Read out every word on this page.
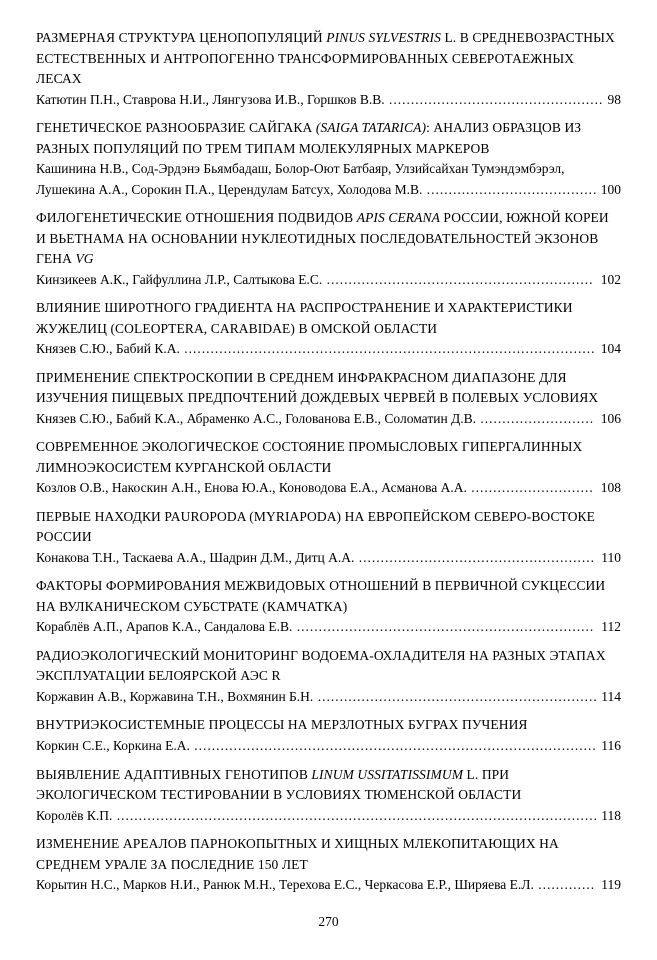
РАЗМЕРНАЯ СТРУКТУРА ЦЕНОПОПУЛЯЦИЙ PINUS SYLVESTRIS L. В СРЕДНЕВОЗРАСТНЫХ ЕСТЕСТВЕННЫХ И АНТРОПОГЕННО ТРАНСФОРМИРОВАННЫХ СЕВЕРОТАЕЖНЫХ ЛЕСАХ
Катютин П.Н., Ставрова Н.И., Лянгузова И.В., Горшков В.В. ................................................. 98
ГЕНЕТИЧЕСКОЕ РАЗНООБРАЗИЕ САЙГАКА (SAIGA TATARICA): АНАЛИЗ ОБРАЗЦОВ ИЗ РАЗНЫХ ПОПУЛЯЦИЙ ПО ТРЕМ ТИПАМ МОЛЕКУЛЯРНЫХ МАРКЕРОВ
Кашинина Н.В., Сод-Эрдэнэ Бьямбадаш, Болор-Оют Батбаяр, Улзийсайхан Тумэндэмбэрэл, Лушекина А.А., Сорокин П.А., Церендулам Батсух, Холодова М.В. ....................................... 100
ФИЛОГЕНЕТИЧЕСКИЕ ОТНОШЕНИЯ ПОДВИДОВ APIS CERANA РОССИИ, ЮЖНОЙ КОРЕИ И ВЬЕТНАМА НА ОСНОВАНИИ НУКЛЕОТИДНЫХ ПОСЛЕДОВАТЕЛЬНОСТЕЙ ЭКЗОНОВ ГЕНА VG
Кинзикеев А.К., Гайфуллина Л.Р., Салтыкова Е.С. ............................................................. 102
ВЛИЯНИЕ ШИРОТНОГО ГРАДИЕНТА НА РАСПРОСТРАНЕНИЕ И ХАРАКТЕРИСТИКИ ЖУЖЕЛИЦ (COLEOPTERA, CARABIDAE) В ОМСКОЙ ОБЛАСТИ
Князев С.Ю., Бабий К.А. .............................................................................................. 104
ПРИМЕНЕНИЕ СПЕКТРОСКОПИИ В СРЕДНЕМ ИНФРАКРАСНОМ ДИАПАЗОНЕ ДЛЯ ИЗУЧЕНИЯ ПИЩЕВЫХ ПРЕДПОЧТЕНИЙ ДОЖДЕВЫХ ЧЕРВЕЙ В ПОЛЕВЫХ УСЛОВИЯХ
Князев С.Ю., Бабий К.А., Абраменко А.С., Голованова Е.В., Соломатин Д.В. .......................... 106
СОВРЕМЕННОЕ ЭКОЛОГИЧЕСКОЕ СОСТОЯНИЕ ПРОМЫСЛОВЫХ ГИПЕРГАЛИННЫХ ЛИМНОЭКОСИСТЕМ КУРГАНСКОЙ ОБЛАСТИ
Козлов О.В., Накоскин А.Н., Енова Ю.А., Коноводова Е.А., Асманова А.А. ............................ 108
ПЕРВЫЕ НАХОДКИ PAUROPODA (MYRIAPODA) НА ЕВРОПЕЙСКОМ СЕВЕРО-ВОСТОКЕ РОССИИ
Конакова Т.Н., Таскаева А.А., Шадрин Д.М., Дитц А.А. ...................................................... 110
ФАКТОРЫ ФОРМИРОВАНИЯ МЕЖВИДОВЫХ ОТНОШЕНИЙ В ПЕРВИЧНОЙ СУКЦЕССИИ НА ВУЛКАНИЧЕСКОМ СУБСТРАТЕ (КАМЧАТКА)
Кораблёв А.П., Арапов К.А., Сандалова Е.В. .................................................................... 112
РАДИОЭКОЛОГИЧЕСКИЙ МОНИТОРИНГ ВОДОЕМА-ОХЛАДИТЕЛЯ НА РАЗНЫХ ЭТАПАХ ЭКСПЛУАТАЦИИ БЕЛОЯРСКОЙ АЭС R
Коржавин А.В., Коржавина Т.Н., Вохмянин Б.Н. ................................................................ 114
ВНУТРИЭКОСИСТЕМНЫЕ ПРОЦЕССЫ НА МЕРЗЛОТНЫХ БУГРАХ ПУЧЕНИЯ
Коркин С.Е., Коркина Е.А. ............................................................................................ 116
ВЫЯВЛЕНИЕ АДАПТИВНЫХ ГЕНОТИПОВ LINUM USSITATISSIMUM L. ПРИ ЭКОЛОГИЧЕСКОМ ТЕСТИРОВАНИИ В УСЛОВИЯХ ТЮМЕНСКОЙ ОБЛАСТИ
Королёв К.П. .............................................................................................................. 118
ИЗМЕНЕНИЕ АРЕАЛОВ ПАРНОКОПЫТНЫХ И ХИЩНЫХ МЛЕКОПИТАЮЩИХ НА СРЕДНЕМ УРАЛЕ ЗА ПОСЛЕДНИЕ 150 ЛЕТ
Корытин Н.С., Марков Н.И., Ранюк М.Н., Терехова Е.С., Черкасова Е.Р., Ширяева Е.Л. ............. 119
270
